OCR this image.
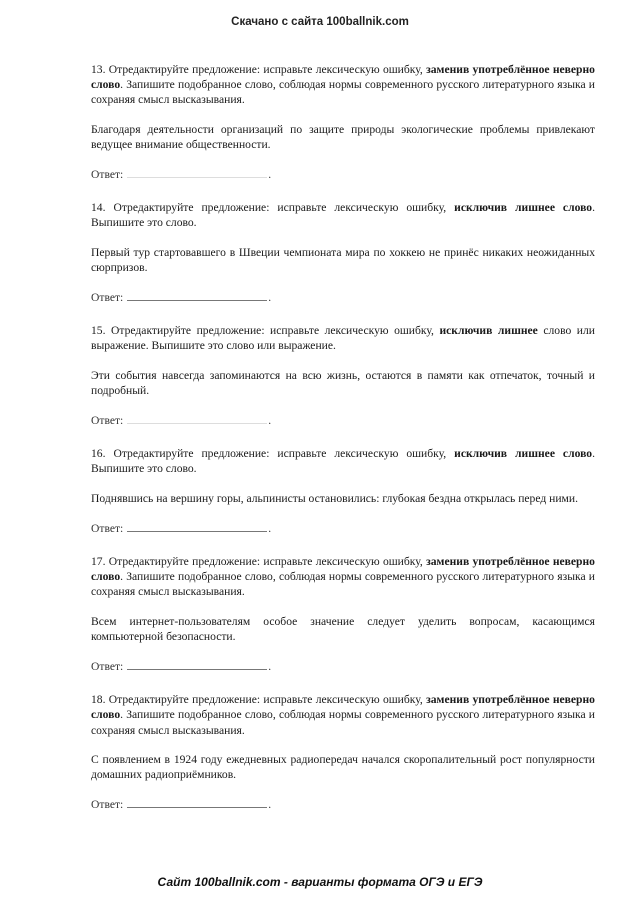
Скачано с сайта 100ballnik.com

13. Отредактируйте предложение: исправьте лексическую ошибку, заменив употреблённое неверно слово. Запишите подобранное слово, соблюдая нормы современного русского литературного языка и сохраняя смысл высказывания.

Благодаря деятельности организаций по защите природы экологические проблемы привлекают ведущее внимание общественности.

Ответ:	.

14. Отредактируйте предложение: исправьте лексическую ошибку, исключив лишнее слово. Выпишите это слово.

Первый тур стартовавшего в Швеции чемпионата мира по хоккею не принёс никаких неожиданных сюрпризов.

Ответ:	.

15. Отредактируйте предложение: исправьте лексическую ошибку, исключив лишнее слово или выражение. Выпишите это слово или выражение.

Эти события навсегда запоминаются на всю жизнь, остаются в памяти как отпечаток, точный и подробный.

Ответ:	.

16. Отредактируйте предложение: исправьте лексическую ошибку, исключив лишнее слово. Выпишите это слово.

Поднявшись на вершину горы, альпинисты остановились: глубокая бездна открылась перед ними.

Ответ:	.

17. Отредактируйте предложение: исправьте лексическую ошибку, заменив употреблённое неверно слово. Запишите подобранное слово, соблюдая нормы современного русского литературного языка и сохраняя смысл высказывания.

Всем интернет-пользователям особое значение следует уделить вопросам, касающимся компьютерной безопасности.

Ответ:	.

18. Отредактируйте предложение: исправьте лексическую ошибку, заменив употреблённое неверно слово. Запишите подобранное слово, соблюдая нормы современного русского литературного языка и сохраняя смысл высказывания.

С появлением в 1924 году ежедневных радиопередач начался скоропалительный рост популярности домашних радиоприёмников.

Ответ:	.

Сайт 100ballnik.com - варианты формата ОГЭ и ЕГЭ
